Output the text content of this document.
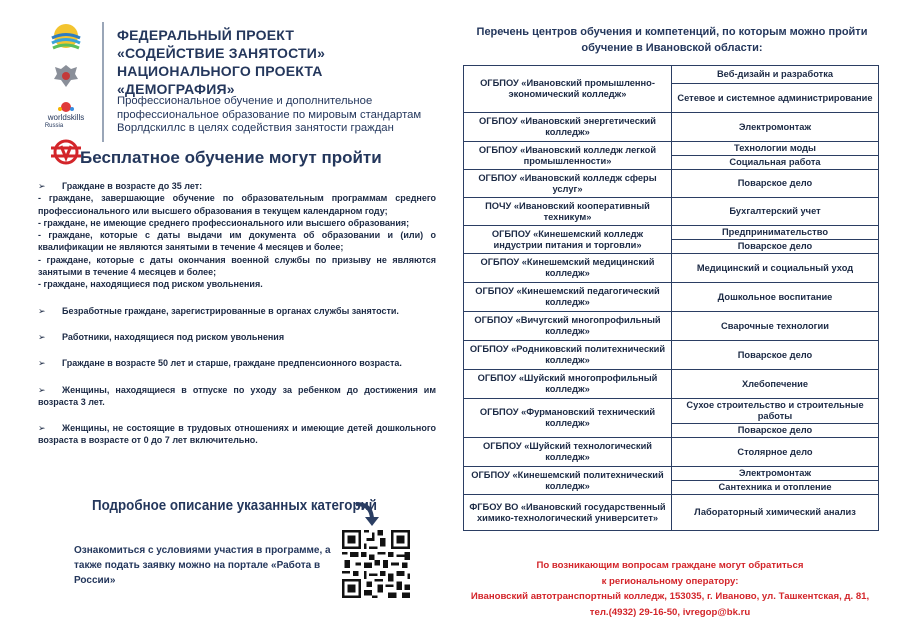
worldskills
Russia
ФЕДЕРАЛЬНЫЙ ПРОЕКТ
«СОДЕЙСТВИЕ ЗАНЯТОСТИ»
НАЦИОНАЛЬНОГО ПРОЕКТА «ДЕМОГРАФИЯ»
Профессиональное обучение и дополнительное
профессиональное образование по мировым стандартам
Ворлдскиллс в целях содействия занятости граждан
Бесплатное обучение могут пройти
➢ Граждане в возрасте до 35 лет:
- граждане, завершающие обучение по образовательным программам среднего профессионального или высшего образования в текущем календарном году;
- граждане, не имеющие среднего профессионального или высшего образования;
- граждане, которые с даты выдачи им документа об образовании и (или) о квалификации не являются занятыми в течение 4 месяцев и более;
- граждане, которые с даты окончания военной службы по призыву не являются занятыми в течение 4 месяцев и более;
- граждане, находящиеся под риском увольнения.
➢ Безработные граждане, зарегистрированные в органах службы занятости.
➢ Работники, находящиеся под риском увольнения
➢ Граждане в возрасте 50 лет и старше, граждане предпенсионного возраста.
➢ Женщины, находящиеся в отпуске по уходу за ребенком до достижения им возраста 3 лет.
➢ Женщины, не состоящие в трудовых отношениях и имеющие детей дошкольного возраста в возрасте от 0 до 7 лет включительно.
Подробное описание указанных категорий
Ознакомиться с условиями участия в программе, а также подать заявку можно на портале «Работа в России»
Перечень центров обучения и компетенций, по которым можно пройти обучение в Ивановской области:
ОГБПОУ «Ивановский промышленно-экономический колледж»	Веб-дизайн и разработка
	Сетевое и системное администрирование
ОГБПОУ «Ивановский энергетический колледж»	Электромонтаж
ОГБПОУ «Ивановский колледж легкой промышленности»	Технологии моды
	Социальная работа
ОГБПОУ «Ивановский колледж сферы услуг»	Поварское дело
ПОЧУ «Ивановский кооперативный техникум»	Бухгалтерский учет
ОГБПОУ «Кинешемский колледж индустрии питания и торговли»	Предпринимательство
	Поварское дело
ОГБПОУ «Кинешемский медицинский колледж»	Медицинский и социальный уход
ОГБПОУ «Кинешемский педагогический колледж»	Дошкольное воспитание
ОГБПОУ «Вичугский многопрофильный колледж»	Сварочные технологии
ОГБПОУ «Родниковский политехнический колледж»	Поварское дело
ОГБПОУ «Шуйский многопрофильный колледж»	Хлебопечение
ОГБПОУ «Фурмановский технический колледж»	Сухое строительство и строительные работы
	Поварское дело
ОГБПОУ «Шуйский технологический колледж»	Столярное дело
ОГБПОУ «Кинешемский политехнический колледж»	Электромонтаж
	Сантехника и отопление
ФГБОУ ВО «Ивановский государственный химико-технологический университет»	Лабораторный химический анализ
По возникающим вопросам граждане могут обратиться
к региональному оператору:
Ивановский автотранспортный колледж, 153035, г. Иваново, ул. Ташкентская, д. 81,
тел.(4932) 29-16-50, ivregop@bk.ru
